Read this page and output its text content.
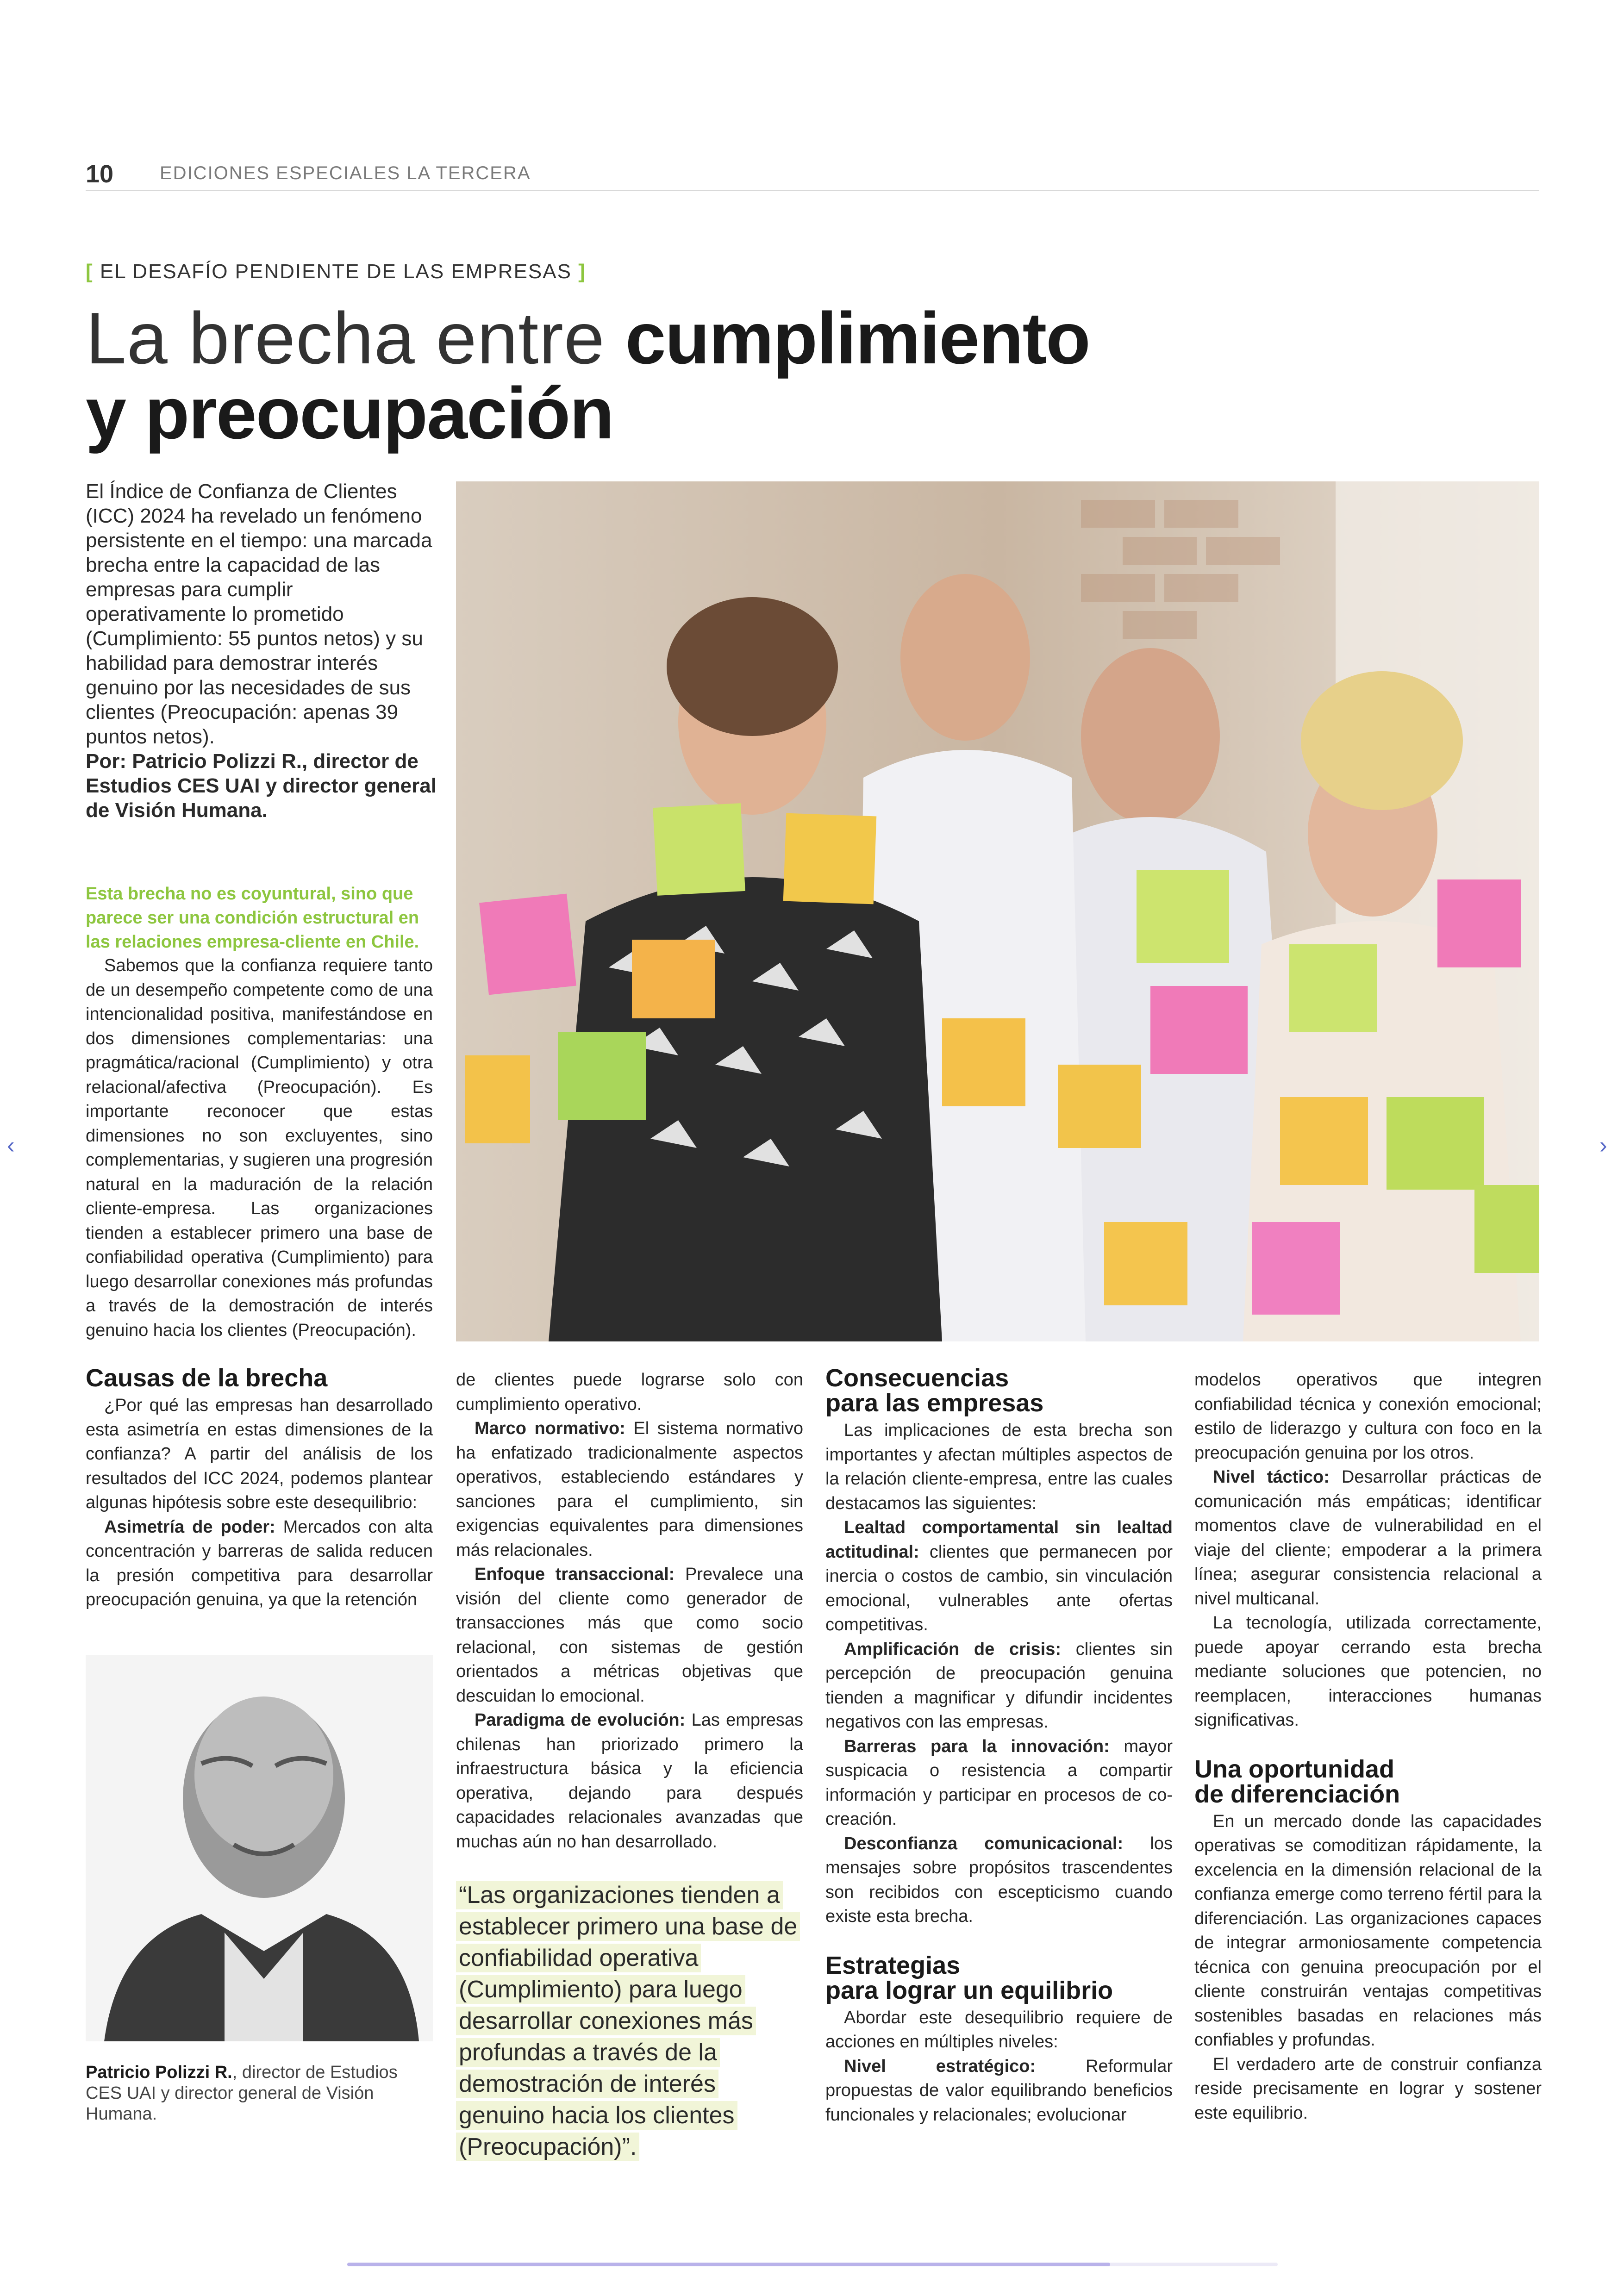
10 EDICIONES ESPECIALES LA TERCERA
[ EL DESAFÍO PENDIENTE DE LAS EMPRESAS ]
La brecha entre cumplimiento
y preocupación
El Índice de Confianza de Clientes (ICC) 2024 ha revelado un fenómeno persistente en el tiempo: una marcada brecha entre la capacidad de las empresas para cumplir operativamente lo prometido (Cumplimiento: 55 puntos netos) y su habilidad para demostrar interés genuino por las necesidades de sus clientes (Preocupación: apenas 39 puntos netos).
Por: Patricio Polizzi R., director de Estudios CES UAI y director general de Visión Humana.
Esta brecha no es coyuntural, sino que parece ser una condición estructural en las relaciones empresa-cliente en Chile.

Sabemos que la confianza requiere tanto de un desempeño competente como de una intencionalidad positiva, manifestándose en dos dimensiones complementarias: una pragmática/racional (Cumplimiento) y otra relacional/afectiva (Preocupación). Es importante reconocer que estas dimensiones no son excluyentes, sino complementarias, y sugieren una progresión natural en la maduración de la relación cliente-empresa. Las organizaciones tienden a establecer primero una base de confiabilidad operativa (Cumplimiento) para luego desarrollar conexiones más profundas a través de la demostración de interés genuino hacia los clientes (Preocupación).

Causas de la brecha

¿Por qué las empresas han desarrollado esta asimetría en estas dimensiones de la confianza? A partir del análisis de los resultados del ICC 2024, podemos plantear algunas hipótesis sobre este desequilibrio:

Asimetría de poder: Mercados con alta concentración y barreras de salida reducen la presión competitiva para desarrollar preocupación genuina, ya que la retención

Patricio Polizzi R., director de Estudios CES UAI y director general de Visión Humana.

de clientes puede lograrse solo con cumplimiento operativo.

Marco normativo: El sistema normativo ha enfatizado tradicionalmente aspectos operativos, estableciendo estándares y sanciones para el cumplimiento, sin exigencias equivalentes para dimensiones más relacionales.

Enfoque transaccional: Prevalece una visión del cliente como generador de transacciones más que como socio relacional, con sistemas de gestión orientados a métricas objetivas que descuidan lo emocional.

Paradigma de evolución: Las empresas chilenas han priorizado primero la infraestructura básica y la eficiencia operativa, dejando para después capacidades relacionales avanzadas que muchas aún no han desarrollado.

“Las organizaciones tienden a establecer primero una base de confiabilidad operativa (Cumplimiento) para luego desarrollar conexiones más profundas a través de la demostración de interés genuino hacia los clientes (Preocupación)”.
Consecuencias
para las empresas

Las implicaciones de esta brecha son importantes y afectan múltiples aspectos de la relación cliente-empresa, entre las cuales destacamos las siguientes:

Lealtad comportamental sin lealtad actitudinal: clientes que permanecen por inercia o costos de cambio, sin vinculación emocional, vulnerables ante ofertas competitivas.

Amplificación de crisis: clientes sin percepción de preocupación genuina tienden a magnificar y difundir incidentes negativos con las empresas.

Barreras para la innovación: mayor suspicacia o resistencia a compartir información y participar en procesos de co-creación.

Desconfianza comunicacional: los mensajes sobre propósitos trascendentes son recibidos con escepticismo cuando existe esta brecha.

Estrategias
para lograr un equilibrio

Abordar este desequilibrio requiere de acciones en múltiples niveles:

Nivel estratégico: Reformular propuestas de valor equilibrando beneficios funcionales y relacionales; evolucionar

modelos operativos que integren confiabilidad técnica y conexión emocional; estilo de liderazgo y cultura con foco en la preocupación genuina por los otros.

Nivel táctico: Desarrollar prácticas de comunicación más empáticas; identificar momentos clave de vulnerabilidad en el viaje del cliente; empoderar a la primera línea; asegurar consistencia relacional a nivel multicanal.

La tecnología, utilizada correctamente, puede apoyar cerrando esta brecha mediante soluciones que potencien, no reemplacen, interacciones humanas significativas.

Una oportunidad
de diferenciación

En un mercado donde las capacidades operativas se comoditizan rápidamente, la excelencia en la dimensión relacional de la confianza emerge como terreno fértil para la diferenciación. Las organizaciones capaces de integrar armoniosamente competencia técnica con genuina preocupación por el cliente construirán ventajas competitivas sostenibles basadas en relaciones más confiables y profundas.

El verdadero arte de construir confianza reside precisamente en lograr y sostener este equilibrio.

‹	›
